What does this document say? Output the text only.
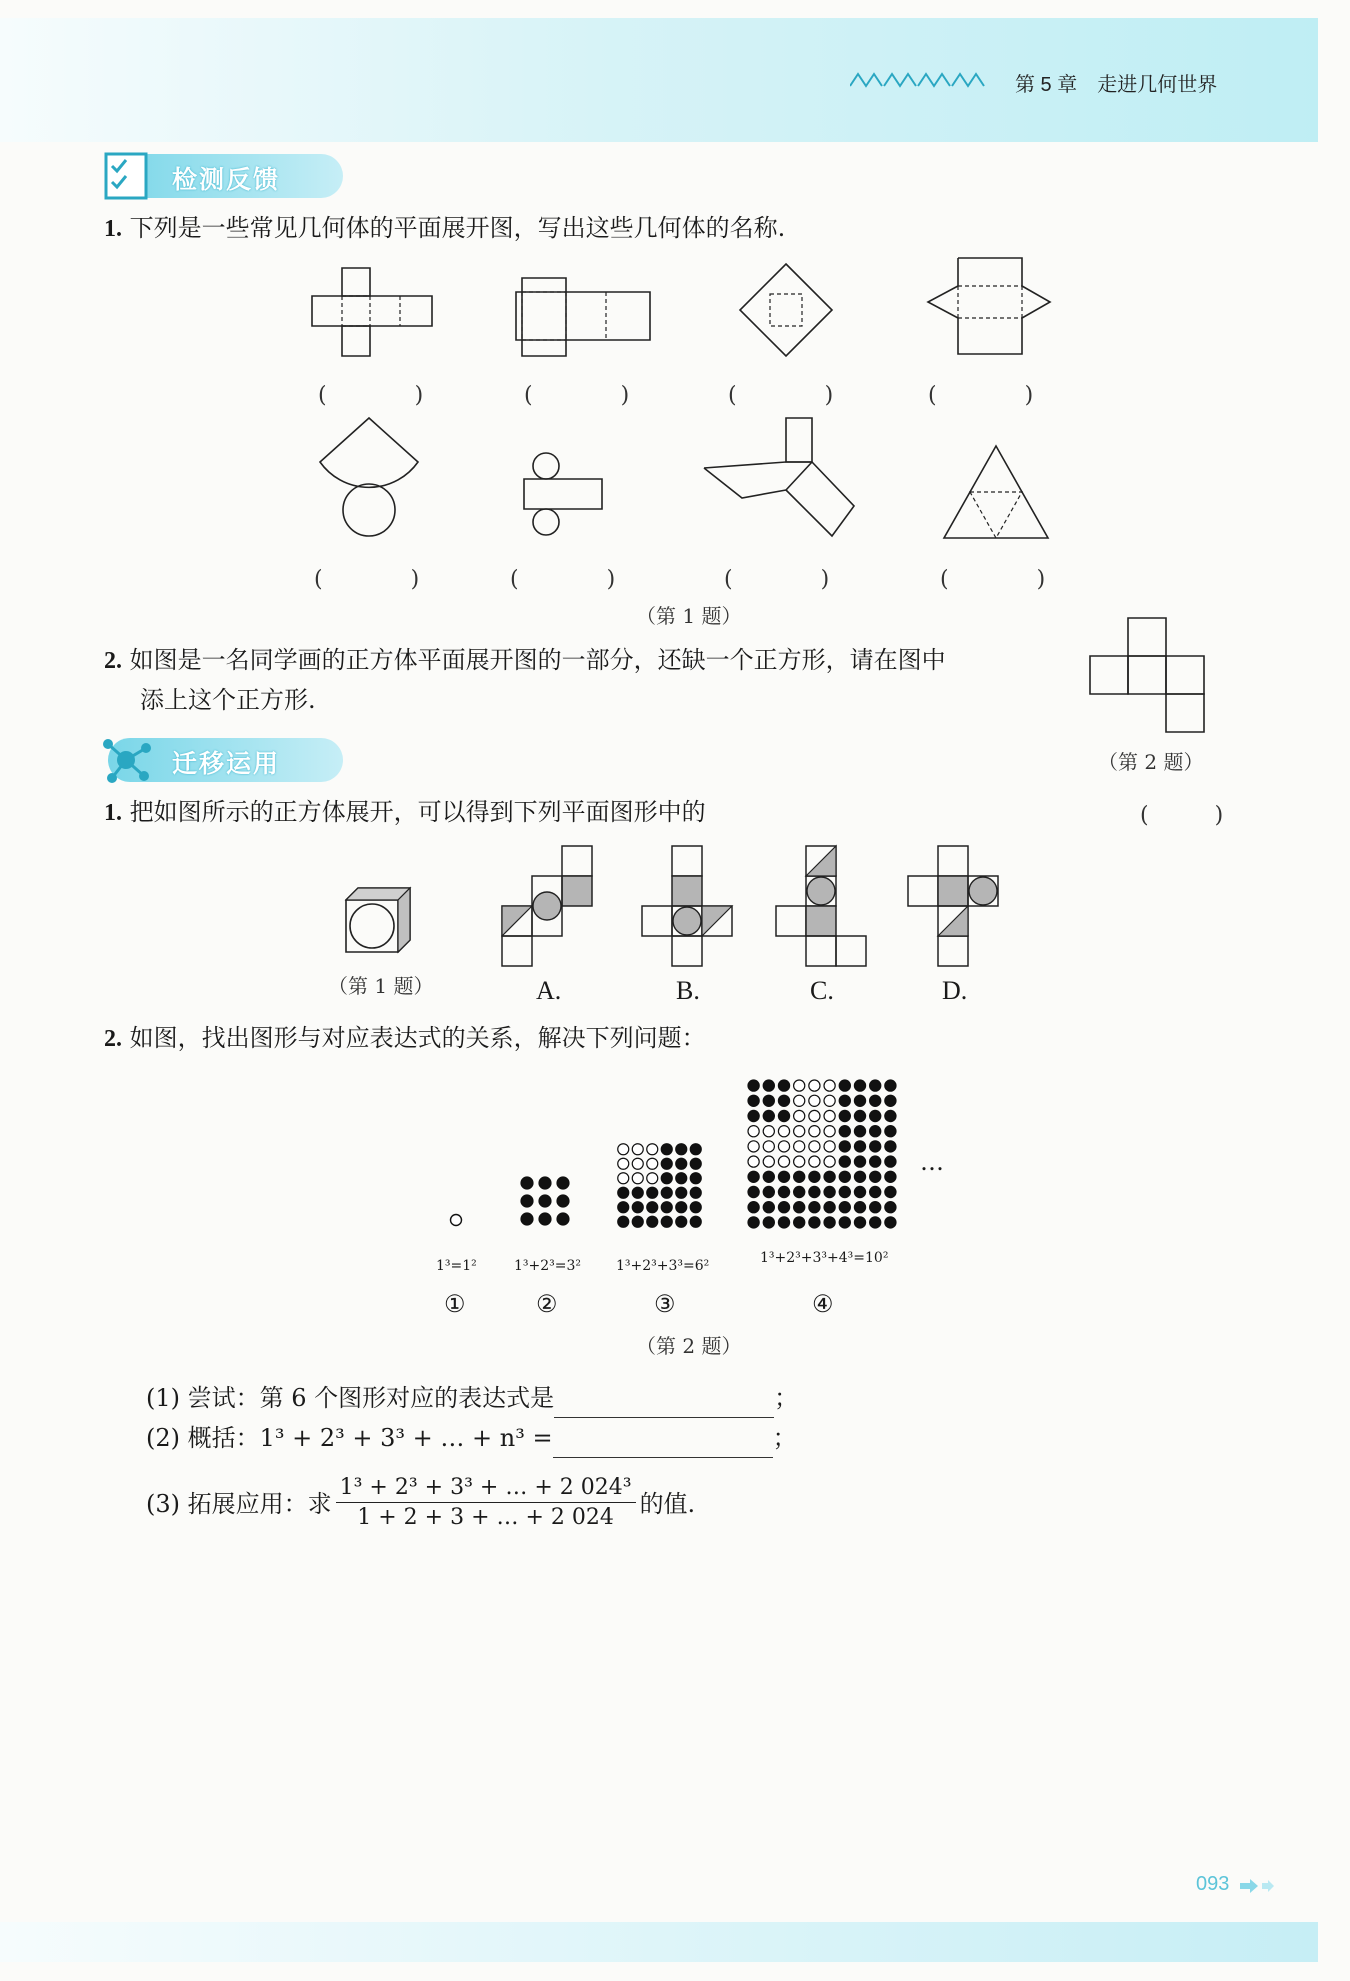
第 5 章　走进几何世界
检测反馈
1. 下列是一些常见几何体的平面展开图，写出这些几何体的名称.
(　　　　)	(　　　　)	(　　　　)	(　　　　)
(　　　　)	(　　　　)	(　　　　)	(　　　　)
（第 1 题）
2. 如图是一名同学画的正方体平面展开图的一部分，还缺一个正方形，请在图中
添上这个正方形.
（第 2 题）
迁移运用
1. 把如图所示的正方体展开，可以得到下列平面图形中的	(　　　)
（第 1 题）	A.	B.	C.	D.
2. 如图，找出图形与对应表达式的关系，解决下列问题：
…
1³=1²	1³+2³=3² 1³+2³+3³=6²	1³+2³+3³+4³=10²
①	②	③	④
（第 2 题）
(1) 尝试：第 6 个图形对应的表达式是	；
(2) 概括：1³ + 2³ + 3³ + … + n³ =	；
(3) 拓展应用：求 $\frac{\text{1³ + 2³ + 3³ + … + 2 024³}}{1 + 2 + 3 + \dots + 2 024}$ 的值.
093
